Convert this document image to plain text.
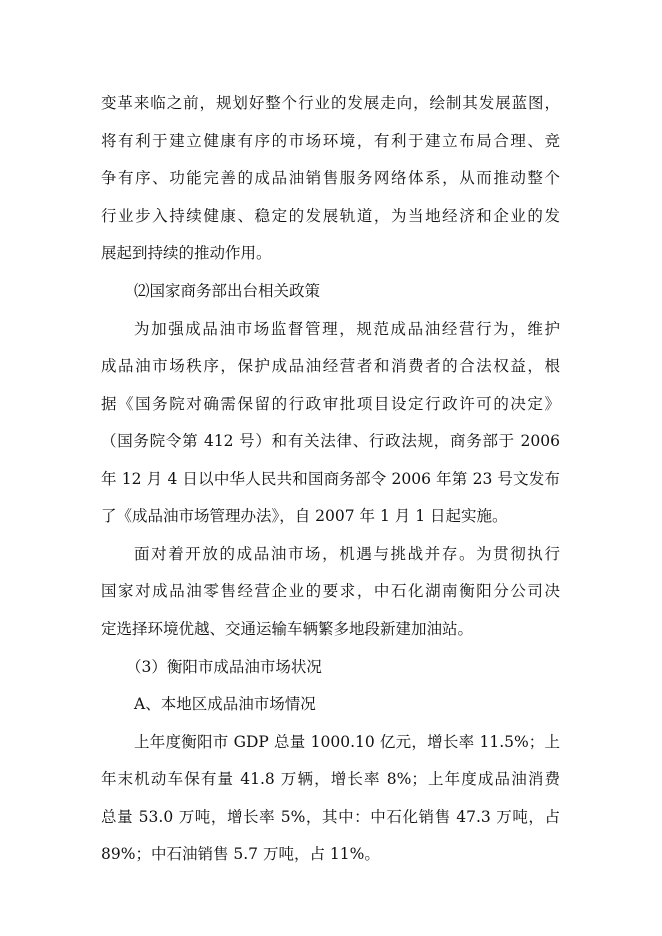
变革来临之前，规划好整个行业的发展走向，绘制其发展蓝图，
将有利于建立健康有序的市场环境，有利于建立布局合理、竞
争有序、功能完善的成品油销售服务网络体系，从而推动整个
行业步入持续健康、稳定的发展轨道，为当地经济和企业的发
展起到持续的推动作用。
⑵国家商务部出台相关政策
为加强成品油市场监督管理，规范成品油经营行为，维护
成品油市场秩序，保护成品油经营者和消费者的合法权益，根
据《国务院对确需保留的行政审批项目设定行政许可的决定》
（国务院令第 412 号）和有关法律、行政法规，商务部于 2006
年 12 月 4 日以中华人民共和国商务部令 2006 年第 23 号文发布
了《成品油市场管理办法》，自 2007 年 1 月 1 日起实施。
面对着开放的成品油市场，机遇与挑战并存。为贯彻执行
国家对成品油零售经营企业的要求，中石化湖南衡阳分公司决
定选择环境优越、交通运输车辆繁多地段新建加油站。
（3）衡阳市成品油市场状况
A、本地区成品油市场情况
上年度衡阳市 GDP 总量 1000.10 亿元，增长率 11.5%；上
年末机动车保有量 41.8 万辆，增长率 8%；上年度成品油消费
总量 53.0 万吨，增长率 5%，其中：中石化销售 47.3 万吨，占
89%；中石油销售 5.7 万吨，占 11%。
